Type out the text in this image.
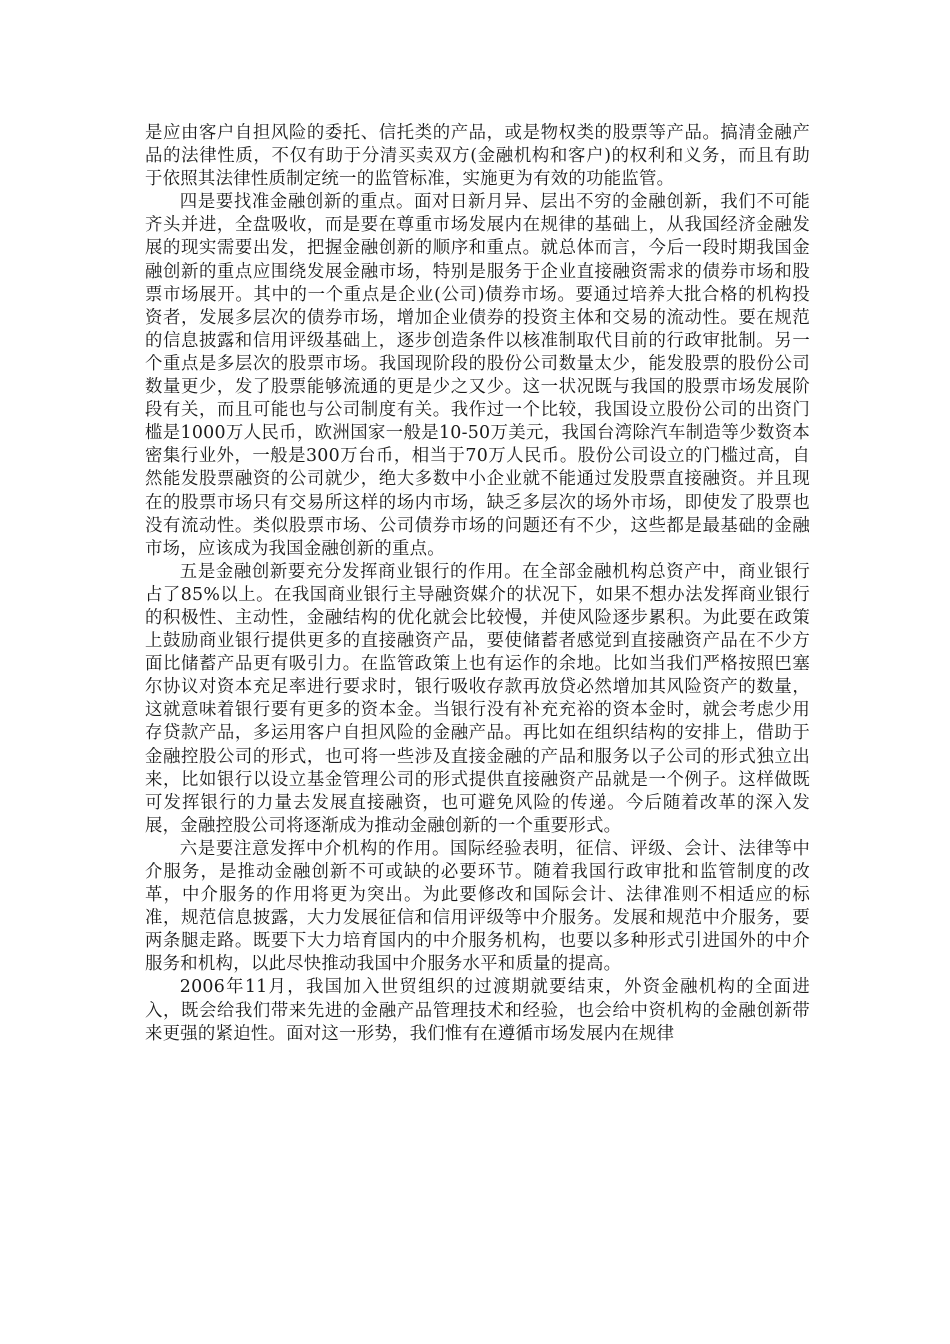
是应由客户自担风险的委托、信托类的产品，或是物权类的股票等产品。搞清金融产品的法律性质，不仅有助于分清买卖双方(金融机构和客户)的权利和义务，而且有助于依照其法律性质制定统一的监管标准，实施更为有效的功能监管。

四是要找准金融创新的重点。面对日新月异、层出不穷的金融创新，我们不可能齐头并进，全盘吸收，而是要在尊重市场发展内在规律的基础上，从我国经济金融发展的现实需要出发，把握金融创新的顺序和重点。就总体而言，今后一段时期我国金融创新的重点应围绕发展金融市场，特别是服务于企业直接融资需求的债券市场和股票市场展开。其中的一个重点是企业(公司)债券市场。要通过培养大批合格的机构投资者，发展多层次的债券市场，增加企业债券的投资主体和交易的流动性。要在规范的信息披露和信用评级基础上，逐步创造条件以核准制取代目前的行政审批制。另一个重点是多层次的股票市场。我国现阶段的股份公司数量太少，能发股票的股份公司数量更少，发了股票能够流通的更是少之又少。这一状况既与我国的股票市场发展阶段有关，而且可能也与公司制度有关。我作过一个比较，我国设立股份公司的出资门槛是1000万人民币，欧洲国家一般是10-50万美元，我国台湾除汽车制造等少数资本密集行业外，一般是300万台币，相当于70万人民币。股份公司设立的门槛过高，自然能发股票融资的公司就少，绝大多数中小企业就不能通过发股票直接融资。并且现在的股票市场只有交易所这样的场内市场，缺乏多层次的场外市场，即使发了股票也没有流动性。类似股票市场、公司债券市场的问题还有不少，这些都是最基础的金融市场，应该成为我国金融创新的重点。

五是金融创新要充分发挥商业银行的作用。在全部金融机构总资产中，商业银行占了85%以上。在我国商业银行主导融资媒介的状况下，如果不想办法发挥商业银行的积极性、主动性，金融结构的优化就会比较慢，并使风险逐步累积。为此要在政策上鼓励商业银行提供更多的直接融资产品，要使储蓄者感觉到直接融资产品在不少方面比储蓄产品更有吸引力。在监管政策上也有运作的余地。比如当我们严格按照巴塞尔协议对资本充足率进行要求时，银行吸收存款再放贷必然增加其风险资产的数量，这就意味着银行要有更多的资本金。当银行没有补充充裕的资本金时，就会考虑少用存贷款产品，多运用客户自担风险的金融产品。再比如在组织结构的安排上，借助于金融控股公司的形式，也可将一些涉及直接金融的产品和服务以子公司的形式独立出来，比如银行以设立基金管理公司的形式提供直接融资产品就是一个例子。这样做既可发挥银行的力量去发展直接融资，也可避免风险的传递。今后随着改革的深入发展，金融控股公司将逐渐成为推动金融创新的一个重要形式。

六是要注意发挥中介机构的作用。国际经验表明，征信、评级、会计、法律等中介服务，是推动金融创新不可或缺的必要环节。随着我国行政审批和监管制度的改革，中介服务的作用将更为突出。为此要修改和国际会计、法律准则不相适应的标准，规范信息披露，大力发展征信和信用评级等中介服务。发展和规范中介服务，要两条腿走路。既要下大力培育国内的中介服务机构，也要以多种形式引进国外的中介服务和机构，以此尽快推动我国中介服务水平和质量的提高。

2006年11月，我国加入世贸组织的过渡期就要结束，外资金融机构的全面进入，既会给我们带来先进的金融产品管理技术和经验，也会给中资机构的金融创新带来更强的紧迫性。面对这一形势，我们惟有在遵循市场发展内在规律
